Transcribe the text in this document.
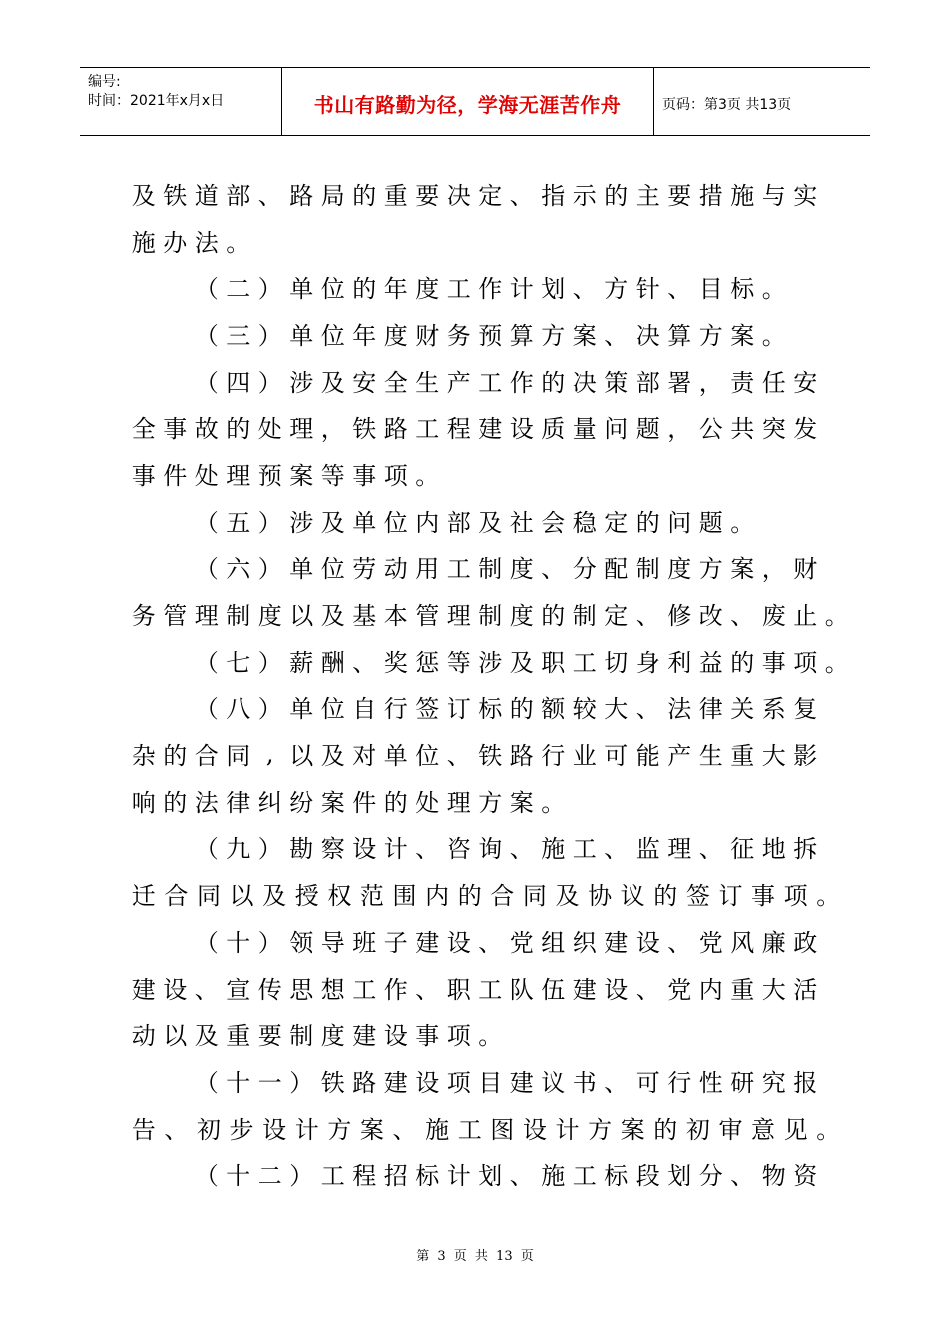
编号:
时间：2021年x月x日	书山有路勤为径，学海无涯苦作舟	页码：第3页 共13页
及 铁 道 部 、 路 局 的 重 要 决 定 、 指 示 的 主 要 措 施 与 实
施 办 法 。
（ 二 ） 单 位 的 年 度 工 作 计 划 、 方 针 、 目 标 。
（ 三 ） 单 位 年 度 财 务 预 算 方 案 、 决 算 方 案 。
（ 四 ） 涉 及 安 全 生 产 工 作 的 决 策 部 署 ， 责 任 安
全 事 故 的 处 理 ， 铁 路 工 程 建 设 质 量 问 题 ， 公 共 突 发
事 件 处 理 预 案 等 事 项 。
（ 五 ） 涉 及 单 位 内 部 及 社 会 稳 定 的 问 题 。
（ 六 ） 单 位 劳 动 用 工 制 度 、 分 配 制 度 方 案 ， 财
务 管 理 制 度 以 及 基 本 管 理 制 度 的 制 定 、 修 改 、 废 止 。
（ 七 ） 薪 酬 、 奖 惩 等 涉 及 职 工 切 身 利 益 的 事 项 。
（ 八 ） 单 位 自 行 签 订 标 的 额 较 大 、 法 律 关 系 复
杂 的 合 同 , 以 及 对 单 位 、 铁 路 行 业 可 能 产 生 重 大 影
响 的 法 律 纠 纷 案 件 的 处 理 方 案 。
（ 九 ） 勘 察 设 计 、 咨 询 、 施 工 、 监 理 、 征 地 拆
迁 合 同 以 及 授 权 范 围 内 的 合 同 及 协 议 的 签 订 事 项 。
（ 十 ） 领 导 班 子 建 设 、 党 组 织 建 设 、 党 风 廉 政
建 设 、 宣 传 思 想 工 作 、 职 工 队 伍 建 设 、 党 内 重 大 活
动 以 及 重 要 制 度 建 设 事 项 。
（ 十 一 ） 铁 路 建 设 项 目 建 议 书 、 可 行 性 研 究 报
告 、 初 步 设 计 方 案 、 施 工 图 设 计 方 案 的 初 审 意 见 。
（ 十 二 ） 工 程 招 标 计 划 、 施 工 标 段 划 分 、 物 资
第 3 页 共 13 页
